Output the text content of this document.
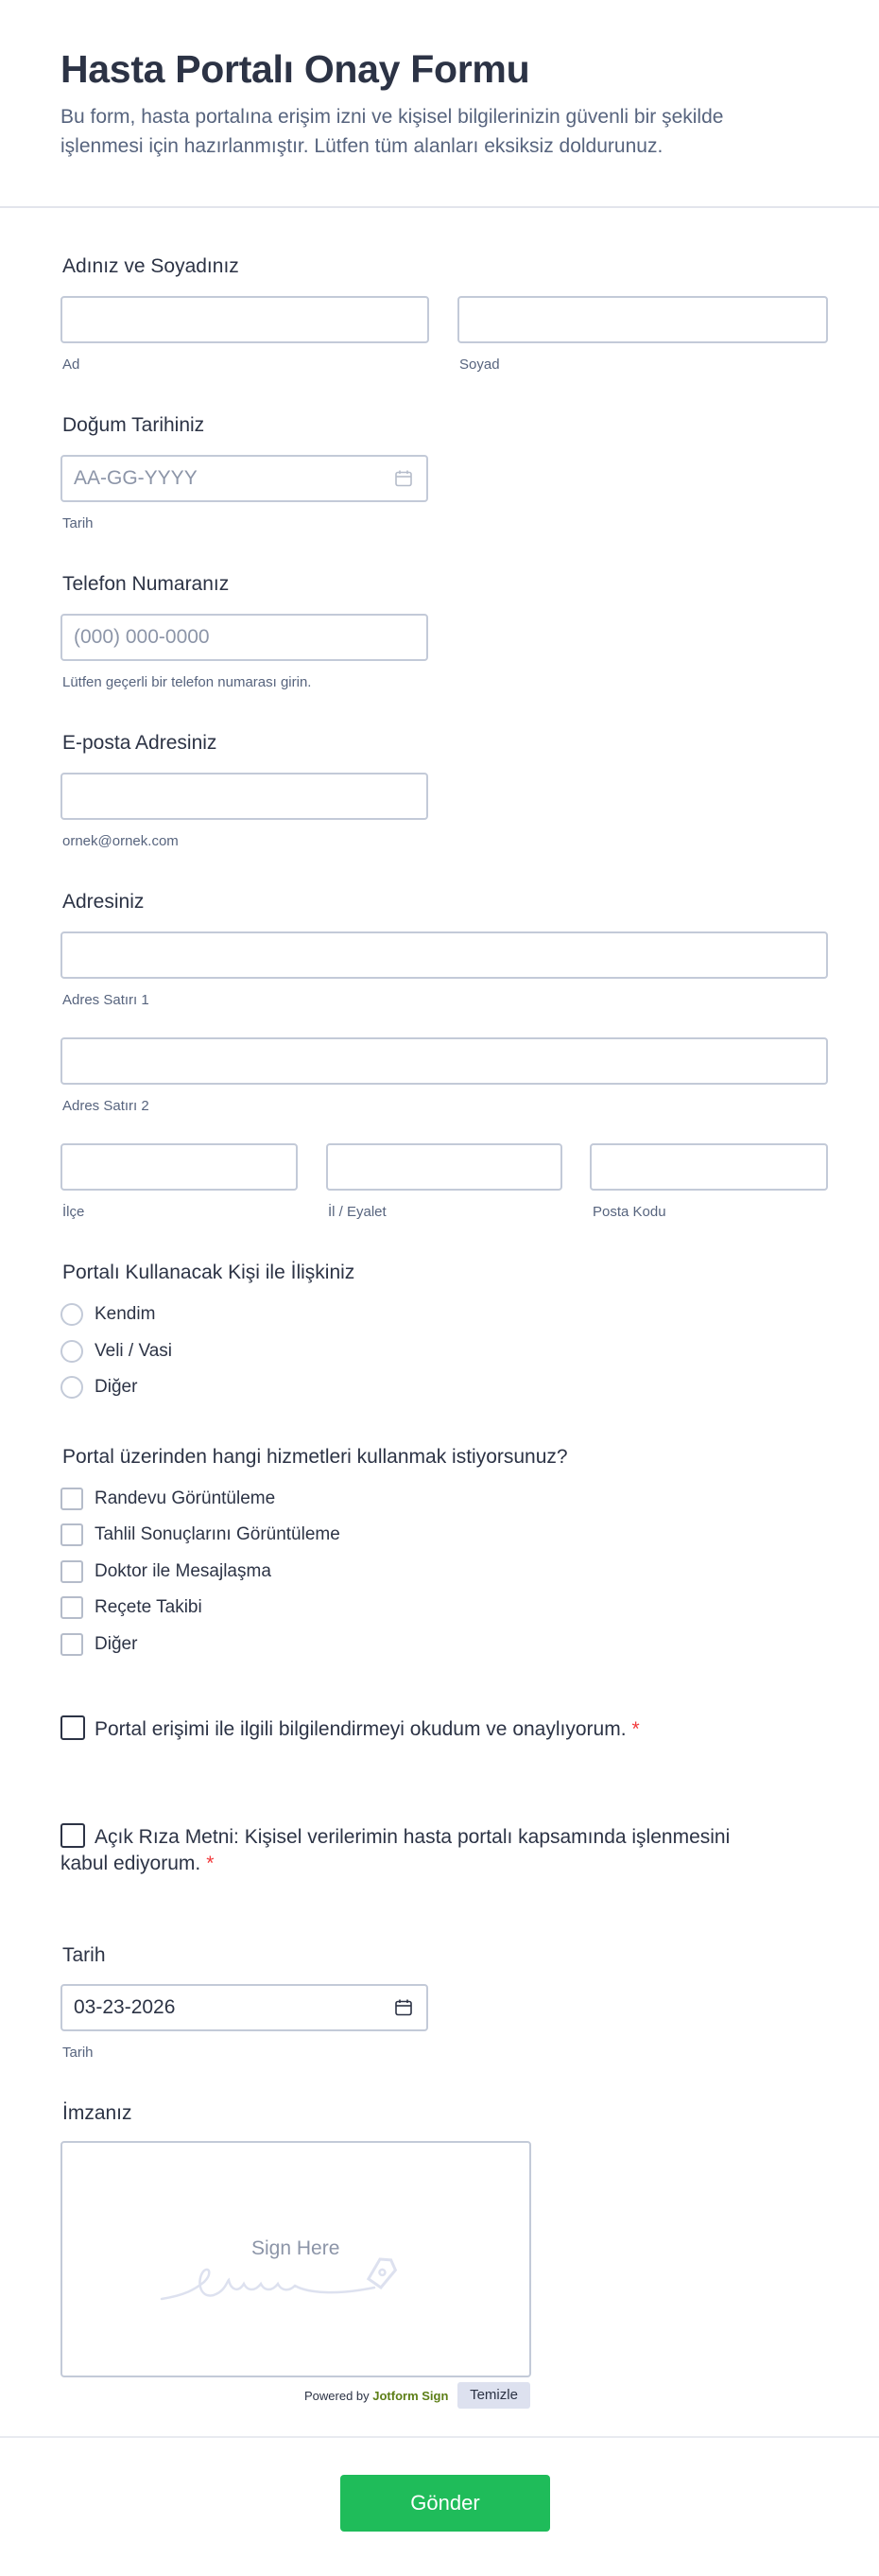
Hasta Portalı Onay Formu
Bu form, hasta portalına erişim izni ve kişisel bilgilerinizin güvenli bir şekilde işlenmesi için hazırlanmıştır. Lütfen tüm alanları eksiksiz doldurunuz.
Adınız ve Soyadınız
Ad	Soyad
Doğum Tarihiniz
AA-GG-YYYY
Tarih
Telefon Numaranız
(000) 000-0000
Lütfen geçerli bir telefon numarası girin.
E-posta Adresiniz
ornek@ornek.com
Adresiniz
Adres Satırı 1
Adres Satırı 2
İlçe	İl / Eyalet	Posta Kodu
Portalı Kullanacak Kişi ile İlişkiniz
Kendim
Veli / Vasi
Diğer
Portal üzerinden hangi hizmetleri kullanmak istiyorsunuz?
Randevu Görüntüleme
Tahlil Sonuçlarını Görüntüleme
Doktor ile Mesajlaşma
Reçete Takibi
Diğer
Portal erişimi ile ilgili bilgilendirmeyi okudum ve onaylıyorum. *
Açık Rıza Metni: Kişisel verilerimin hasta portalı kapsamında işlenmesini
kabul ediyorum. *
Tarih
03-23-2026
Tarih
İmzanız
Sign Here
Powered by Jotform Sign	Temizle
Gönder
